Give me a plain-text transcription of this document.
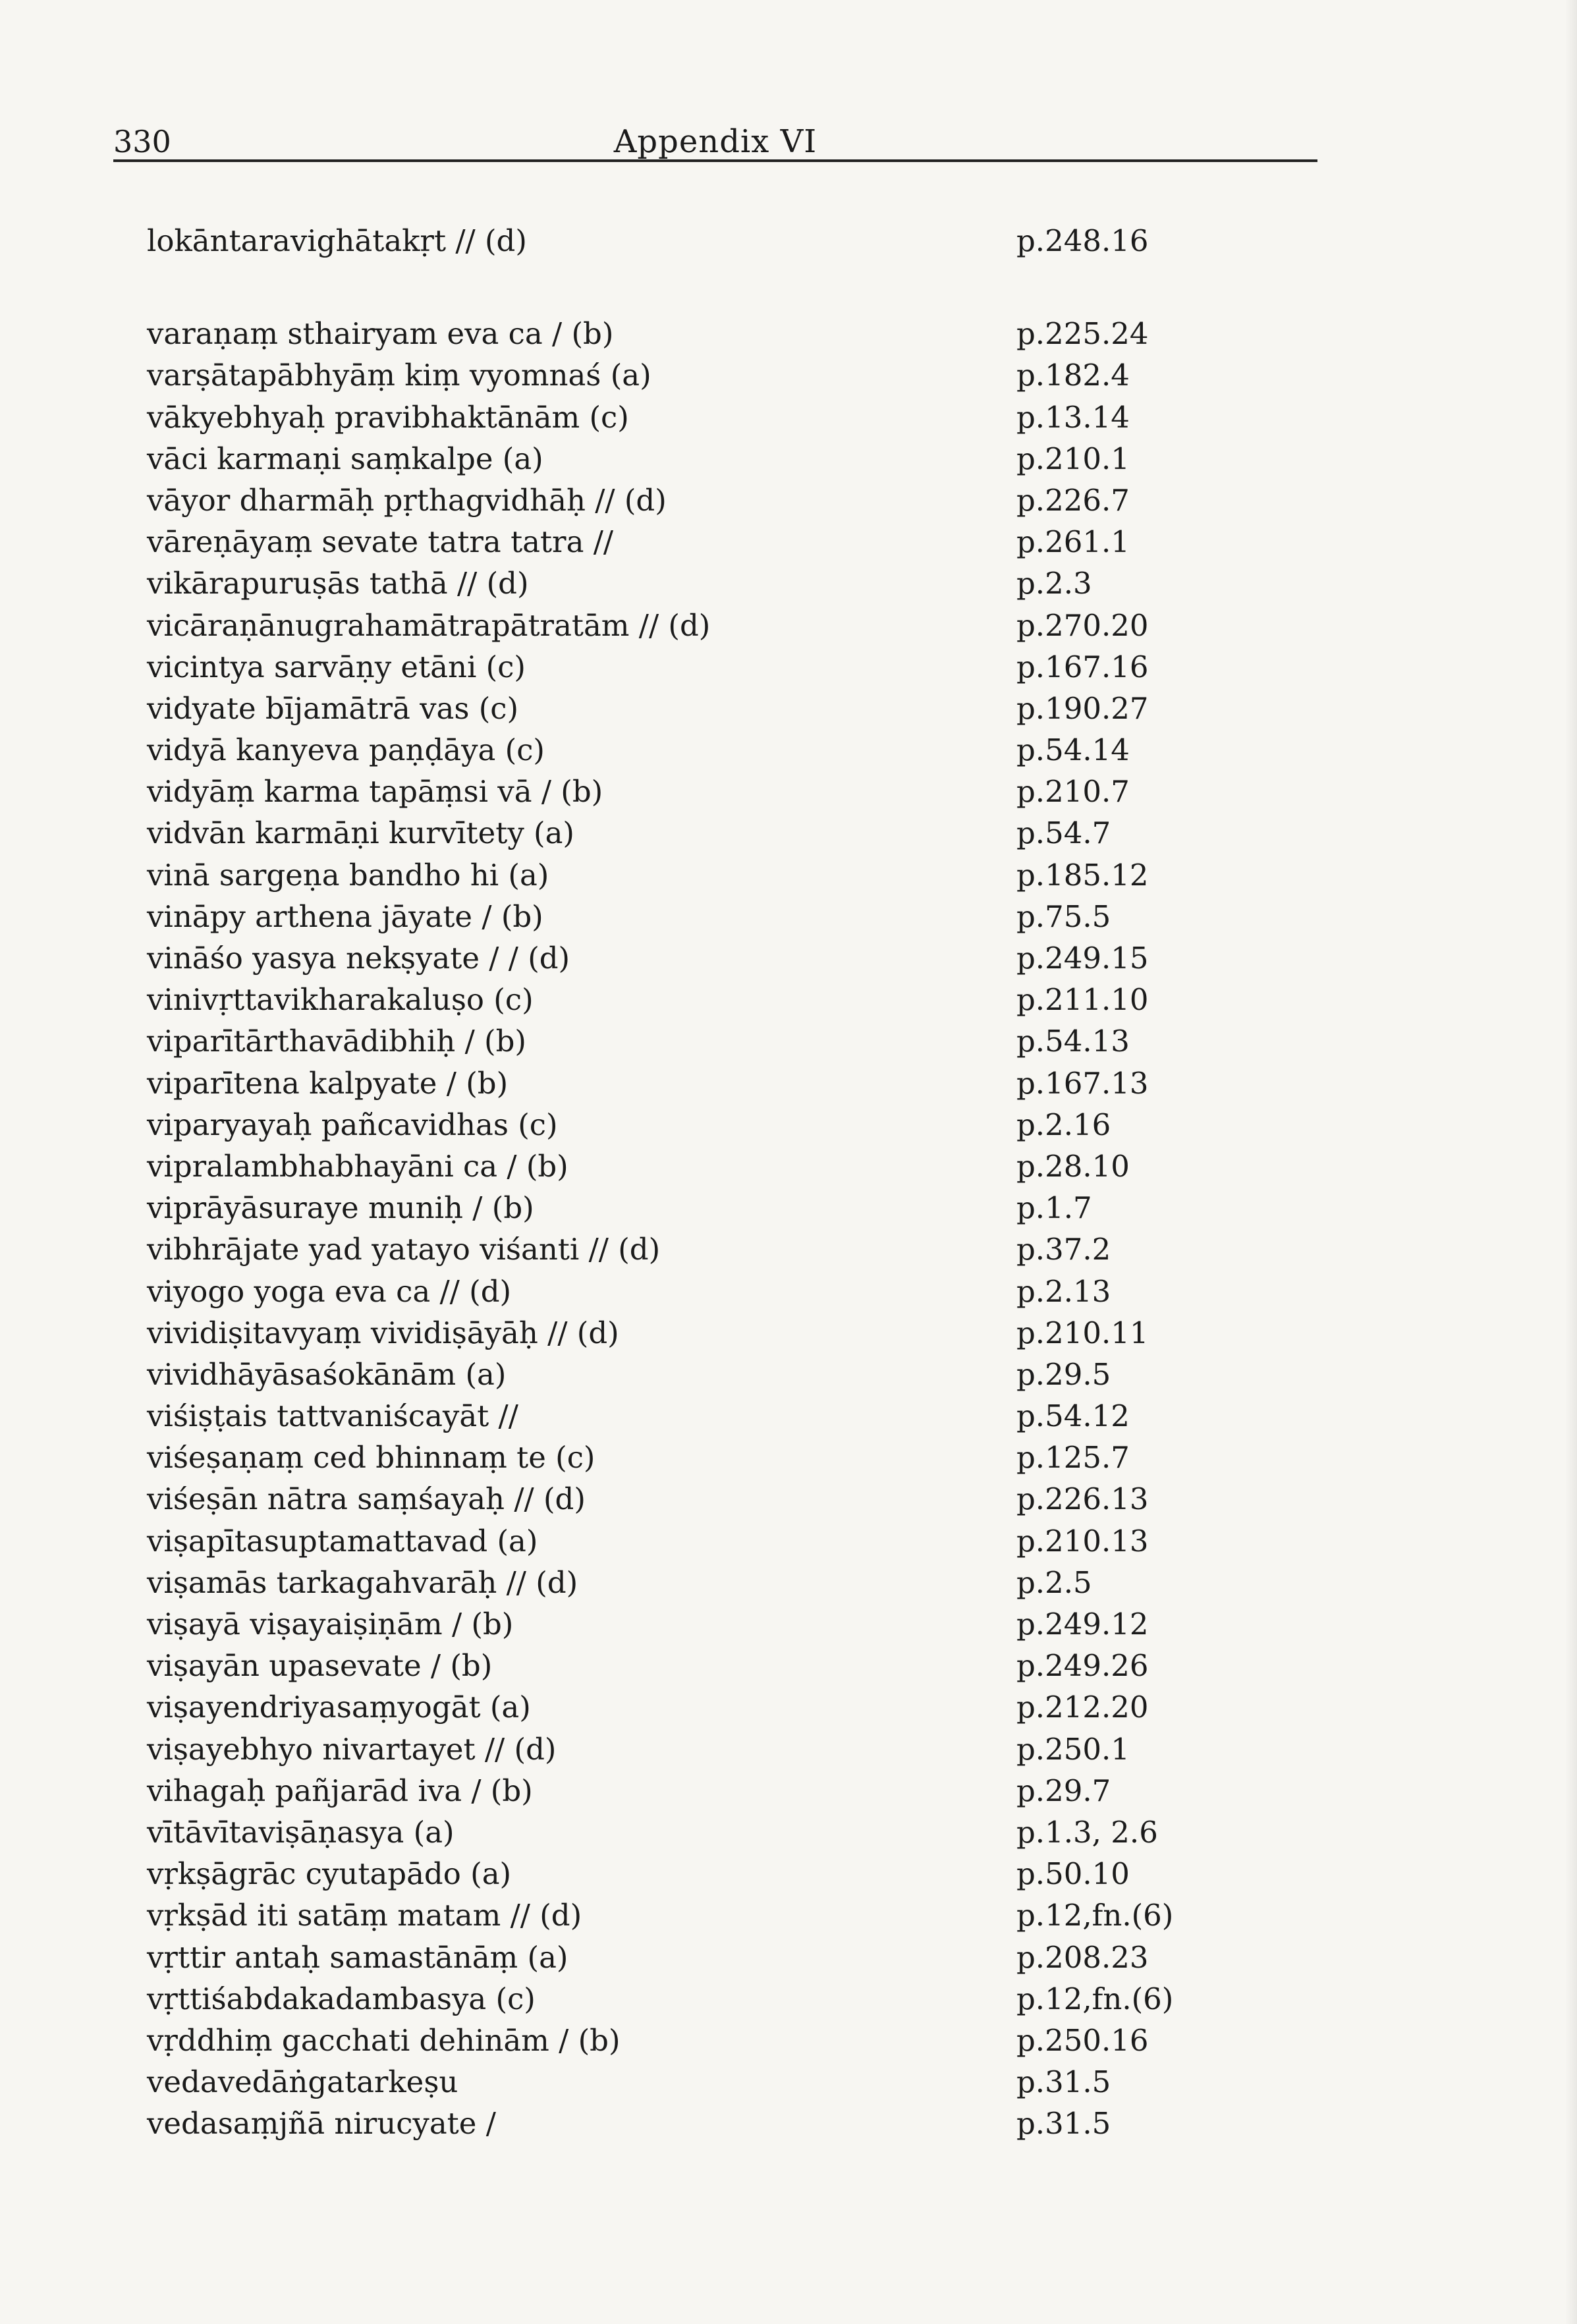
330	Appendix VI
lokāntaravighātakṛt // (d)	p.248.16
varaṇaṃ sthairyam eva ca / (b)	p.225.24
varṣātapābhyāṃ kiṃ vyomnaś (a)	p.182.4
vākyebhyaḥ pravibhaktānām (c)	p.13.14
vāci karmaṇi saṃkalpe (a)	p.210.1
vāyor dharmāḥ pṛthagvidhāḥ // (d)	p.226.7
vāreṇāyaṃ sevate tatra tatra //	p.261.1
vikārapuruṣās tathā // (d)	p.2.3
vicāraṇānugrahamātrapātratām // (d)	p.270.20
vicintya sarvāṇy etāni (c)	p.167.16
vidyate bījamātrā vas (c)	p.190.27
vidyā kanyeva paṇḍāya (c)	p.54.14
vidyāṃ karma tapāṃsi vā / (b)	p.210.7
vidvān karmāṇi kurvītety (a)	p.54.7
vinā sargeṇa bandho hi (a)	p.185.12
vināpy arthena jāyate / (b)	p.75.5
vināśo yasya nekṣyate / / (d)	p.249.15
vinivṛttavikharakaluṣo (c)	p.211.10
viparītārthavādibhiḥ / (b)	p.54.13
viparītena kalpyate / (b)	p.167.13
viparyayaḥ pañcavidhas (c)	p.2.16
vipralambhabhayāni ca / (b)	p.28.10
viprāyāsuraye muniḥ / (b)	p.1.7
vibhrājate yad yatayo viśanti // (d)	p.37.2
viyogo yoga eva ca // (d)	p.2.13
vividiṣitavyaṃ vividiṣāyāḥ // (d)	p.210.11
vividhāyāsaśokānām (a)	p.29.5
viśiṣṭais tattvaniścayāt //	p.54.12
viśeṣaṇaṃ ced bhinnaṃ te (c)	p.125.7
viśeṣān nātra saṃśayaḥ // (d)	p.226.13
viṣapītasuptamattavad (a)	p.210.13
viṣamās tarkagahvarāḥ // (d)	p.2.5
viṣayā viṣayaiṣiṇām / (b)	p.249.12
viṣayān upasevate / (b)	p.249.26
viṣayendriyasaṃyogāt (a)	p.212.20
viṣayebhyo nivartayet // (d)	p.250.1
vihagaḥ pañjarād iva / (b)	p.29.7
vītāvītaviṣāṇasya (a)	p.1.3, 2.6
vṛkṣāgrāc cyutapādo (a)	p.50.10
vṛkṣād iti satāṃ matam // (d)	p.12,fn.(6)
vṛttir antaḥ samastānāṃ (a)	p.208.23
vṛttiśabdakadambasya (c)	p.12,fn.(6)
vṛddhiṃ gacchati dehinām / (b)	p.250.16
vedavedāṅgatarkeṣu	p.31.5
vedasaṃjñā nirucyate /	p.31.5
